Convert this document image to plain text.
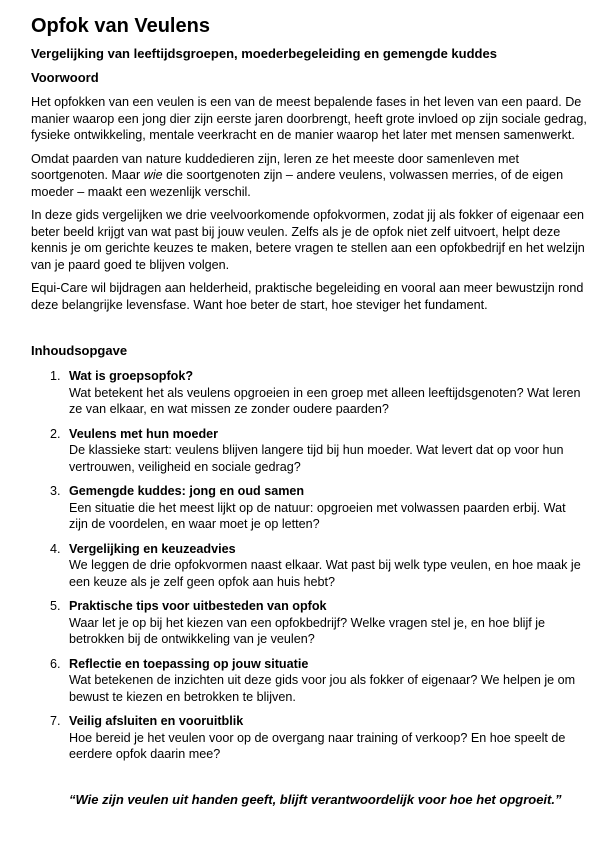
Opfok van Veulens

Vergelijking van leeftijdsgroepen, moederbegeleiding en gemengde kuddes

Voorwoord

Het opfokken van een veulen is een van de meest bepalende fases in het leven van een paard. De manier waarop een jong dier zijn eerste jaren doorbrengt, heeft grote invloed op zijn sociale gedrag, fysieke ontwikkeling, mentale veerkracht en de manier waarop het later met mensen samenwerkt.

Omdat paarden van nature kuddedieren zijn, leren ze het meeste door samenleven met soortgenoten. Maar wie die soortgenoten zijn – andere veulens, volwassen merries, of de eigen moeder – maakt een wezenlijk verschil.

In deze gids vergelijken we drie veelvoorkomende opfokvormen, zodat jij als fokker of eigenaar een beter beeld krijgt van wat past bij jouw veulen. Zelfs als je de opfok niet zelf uitvoert, helpt deze kennis je om gerichte keuzes te maken, betere vragen te stellen aan een opfokbedrijf en het welzijn van je paard goed te blijven volgen.

Equi-Care wil bijdragen aan helderheid, praktische begeleiding en vooral aan meer bewustzijn rond deze belangrijke levensfase. Want hoe beter de start, hoe steviger het fundament.

Inhoudsopgave

1. Wat is groepsopfok?
Wat betekent het als veulens opgroeien in een groep met alleen leeftijdsgenoten? Wat leren ze van elkaar, en wat missen ze zonder oudere paarden?
2. Veulens met hun moeder
De klassieke start: veulens blijven langere tijd bij hun moeder. Wat levert dat op voor hun vertrouwen, veiligheid en sociale gedrag?
3. Gemengde kuddes: jong en oud samen
Een situatie die het meest lijkt op de natuur: opgroeien met volwassen paarden erbij. Wat zijn de voordelen, en waar moet je op letten?
4. Vergelijking en keuzeadvies
We leggen de drie opfokvormen naast elkaar. Wat past bij welk type veulen, en hoe maak je een keuze als je zelf geen opfok aan huis hebt?
5. Praktische tips voor uitbesteden van opfok
Waar let je op bij het kiezen van een opfokbedrijf? Welke vragen stel je, en hoe blijf je betrokken bij de ontwikkeling van je veulen?
6. Reflectie en toepassing op jouw situatie
Wat betekenen de inzichten uit deze gids voor jou als fokker of eigenaar? We helpen je om bewust te kiezen en betrokken te blijven.
7. Veilig afsluiten en vooruitblik
Hoe bereid je het veulen voor op de overgang naar training of verkoop? En hoe speelt de eerdere opfok daarin mee?

“Wie zijn veulen uit handen geeft, blijft verantwoordelijk voor hoe het opgroeit.”
